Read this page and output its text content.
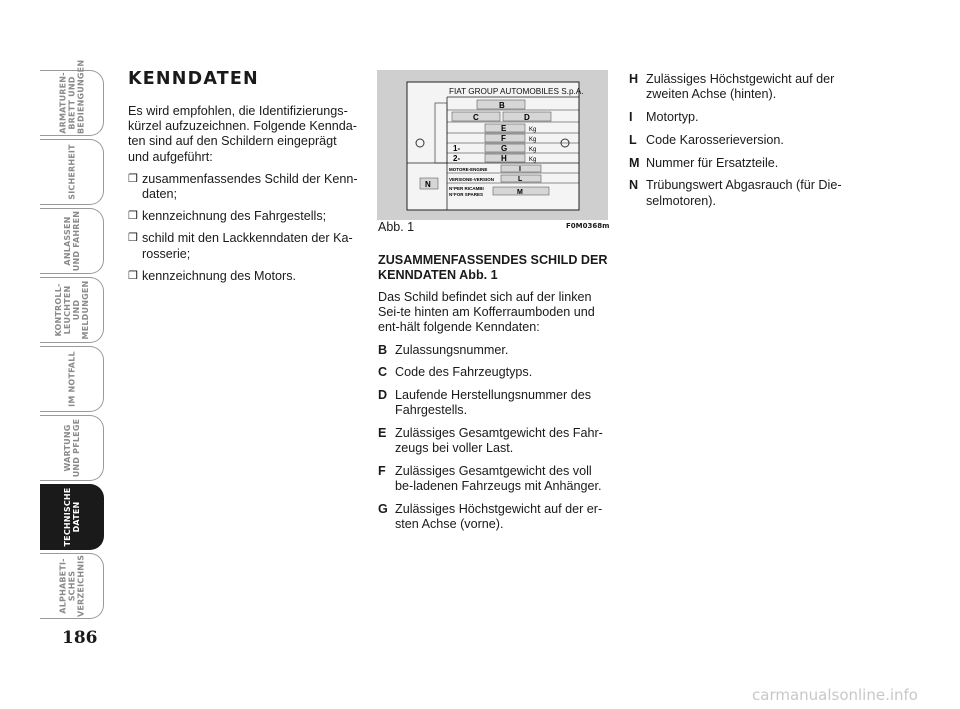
ARMATUREN-
BRETT UND
BEDIENGUNGEN
SICHERHEIT
ANLASSEN
UND FAHREN
KONTROLL-
LEUCHTEN UND
MELDUNGEN
IM NOTFALL
WARTUNG
UND PFLEGE
TECHNISCHE
DATEN
ALPHABETI-
SCHES
VERZEICHNIS
186
KENNDATEN

Es wird empfohlen, die Identifizierungs-kürzel aufzuzeichnen. Folgende Kennda-ten sind auf den Schildern eingeprägt und aufgeführt:

❒ zusammenfassendes Schild der Kenn-daten;
❒ kennzeichnung des Fahrgestells;
❒ schild mit den Lackkenndaten der Ka-rosserie;
❒ kennzeichnung des Motors.
FIAT GROUP AUTOMOBILES S.p.A.
B
C	D
E	Kg
F	Kg
1-	G	Kg
2-	H	Kg
N
MOTORE-ENGINE	I
VERSIONE-VERSION	L
N°PER RICAMBI
N°FOR SPARES	M
Abb. 1	F0M0368m

ZUSAMMENFASSENDES SCHILD DER KENNDATEN Abb. 1

Das Schild befindet sich auf der linken Sei-te hinten am Kofferraumboden und ent-hält folgende Kenndaten:

B Zulassungsnummer.
C Code des Fahrzeugtyps.
D Laufende Herstellungsnummer des Fahrgestells.
E Zulässiges Gesamtgewicht des Fahr-zeugs bei voller Last.
F Zulässiges Gesamtgewicht des voll be-ladenen Fahrzeugs mit Anhänger.
G Zulässiges Höchstgewicht auf der er-sten Achse (vorne).
H Zulässiges Höchstgewicht auf der zweiten Achse (hinten).
I	Motortyp.
L Code Karosserieversion.
M Nummer für Ersatzteile.
N Trübungswert Abgasrauch (für Die-selmotoren).
carmanualsonline.info
